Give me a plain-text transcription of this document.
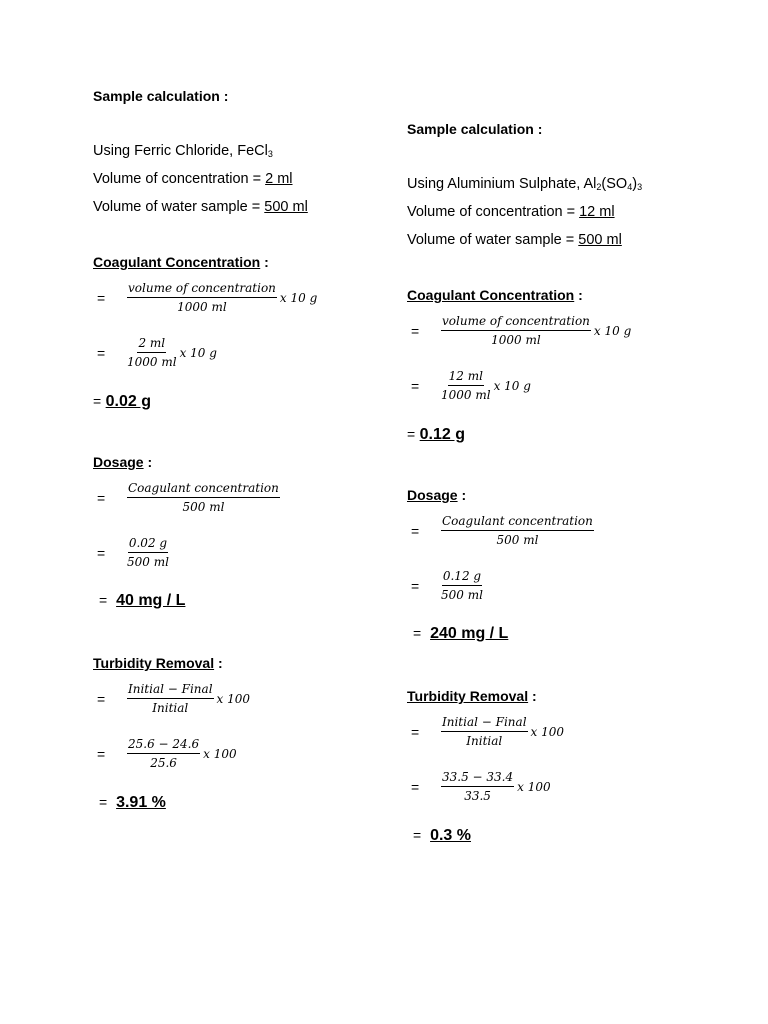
Sample calculation :
Using Ferric Chloride, FeCl$_3$
Volume of concentration = 2 ml
Volume of water sample = 500 ml
Coagulant Concentration :
=	$\frac{\text{volume of concentration}}{1000 ml}$ x 10 g
=	$\frac{2 ml}{1000 ml}$ x 10 g
= 0.02 g
Dosage :
=	$\frac{\text{Coagulant concentration}}{500 ml}$
=	$\frac{0.02 g}{500 ml}$
= 40 mg / L
Turbidity Removal :
=	$\frac{\text{Initial − Final}}{\text{Initial}}$ x 100
=	$\frac{25.6 - 24.6}{25.6}$ x 100
= 3.91 %
Sample calculation :
Using Aluminium Sulphate, $Al_2(SO_4)_3$
Volume of concentration = 12 ml
Volume of water sample = 500 ml
Coagulant Concentration :
=	$\frac{\text{volume of concentration}}{1000 ml}$ x 10 g
=	$\frac{12 ml}{1000 ml}$ x 10 g
= 0.12 g
Dosage :
=	$\frac{\text{Coagulant concentration}}{500 ml}$
=	$\frac{0.12 g}{500 ml}$
= 240 mg / L
Turbidity Removal :
=	$\frac{\text{Initial − Final}}{\text{Initial}}$ x 100
=	$\frac{33.5 - 33.4}{33.5}$ x 100
= 0.3 %
